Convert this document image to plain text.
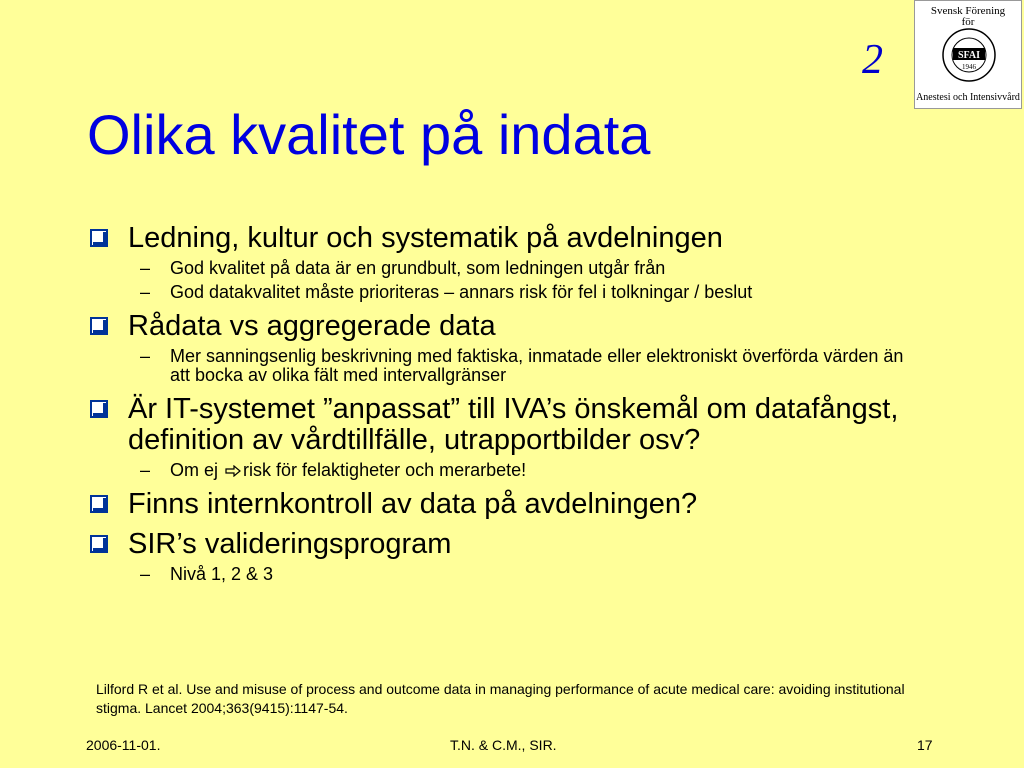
2
Svensk Förening
för
SFAI
1946
Anestesi och Intensivvård
Olika kvalitet på indata
Ledning, kultur och systematik på avdelningen
– God kvalitet på data är en grundbult, som ledningen utgår från
– God datakvalitet måste prioriteras – annars risk för fel i tolkningar / beslut
Rådata vs aggregerade data
– Mer sanningsenlig beskrivning med faktiska, inmatade eller elektroniskt överförda värden än att bocka av olika fält med intervallgränser
Är IT-systemet ”anpassat” till IVA’s önskemål om datafångst, definition av vårdtillfälle, utrapportbilder osv?
– Om ej risk för felaktigheter och merarbete!
Finns internkontroll av data på avdelningen?
SIR’s valideringsprogram
– Nivå 1, 2 & 3
Lilford R et al. Use and misuse of process and outcome data in managing performance of acute medical care: avoiding institutional stigma. Lancet 2004;363(9415):1147-54.
2006-11-01.	T.N. & C.M., SIR.	17
